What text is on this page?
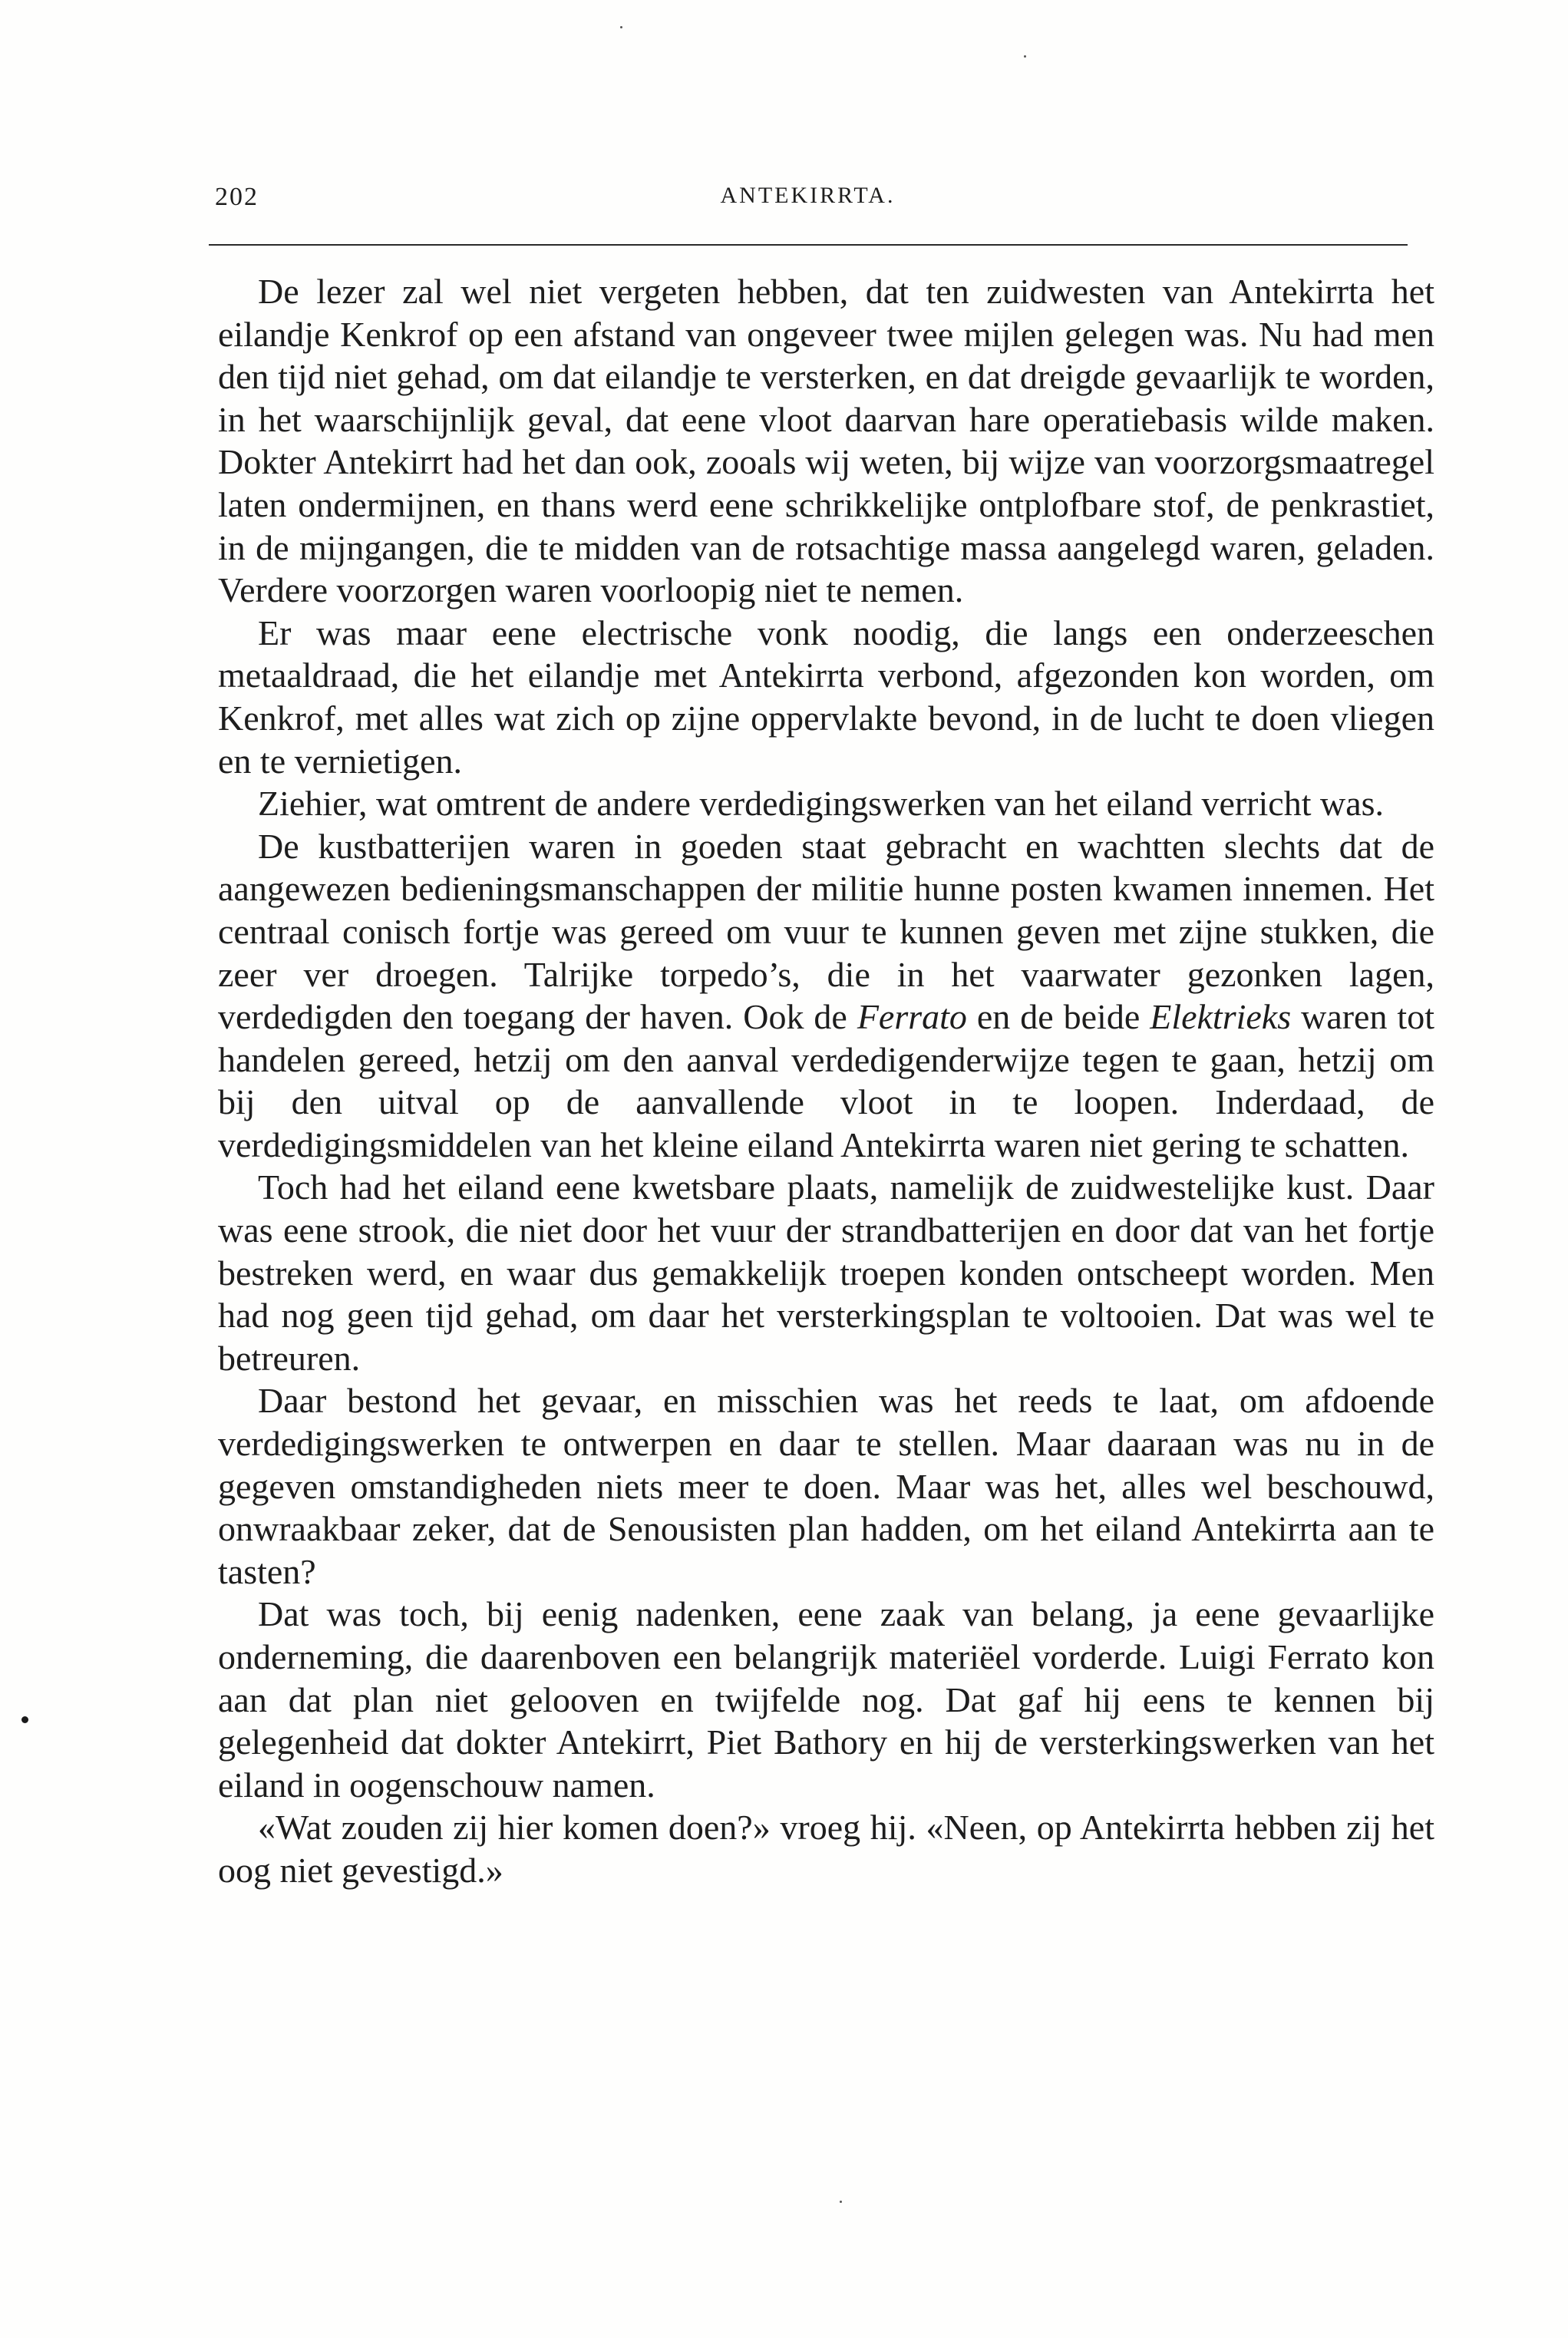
202	ANTEKIRRTA.

De lezer zal wel niet vergeten hebben, dat ten zuidwesten van Antekirrta het eilandje Kenkrof op een afstand van ongeveer twee mijlen gelegen was. Nu had men den tijd niet gehad, om dat eilandje te versterken, en dat dreigde gevaarlijk te worden, in het waarschijnlijk geval, dat eene vloot daarvan hare operatiebasis wilde maken. Dokter Antekirrt had het dan ook, zooals wij weten, bij wijze van voorzorgsmaatregel laten ondermijnen, en thans werd eene schrikkelijke ontplofbare stof, de penkrastiet, in de mijngangen, die te midden van de rotsachtige massa aangelegd waren, geladen. Verdere voorzorgen waren voorloopig niet te nemen.

Er was maar eene electrische vonk noodig, die langs een onderzeeschen metaaldraad, die het eilandje met Antekirrta verbond, afgezonden kon worden, om Kenkrof, met alles wat zich op zijne oppervlakte bevond, in de lucht te doen vliegen en te vernietigen.

Ziehier, wat omtrent de andere verdedigingswerken van het eiland verricht was.

De kustbatterijen waren in goeden staat gebracht en wachtten slechts dat de aangewezen bedieningsmanschappen der militie hunne posten kwamen innemen. Het centraal conisch fortje was gereed om vuur te kunnen geven met zijne stukken, die zeer ver droegen. Talrijke torpedo’s, die in het vaarwater gezonken lagen, verdedigden den toegang der haven. Ook de Ferrato en de beide Elektrieks waren tot handelen gereed, hetzij om den aanval verdedigenderwijze tegen te gaan, hetzij om bij den uitval op de aanvallende vloot in te loopen. Inderdaad, de verdedigingsmiddelen van het kleine eiland Antekirrta waren niet gering te schatten.

Toch had het eiland eene kwetsbare plaats, namelijk de zuidwestelijke kust. Daar was eene strook, die niet door het vuur der strandbatterijen en door dat van het fortje bestreken werd, en waar dus gemakkelijk troepen konden ontscheept worden. Men had nog geen tijd gehad, om daar het versterkingsplan te voltooien. Dat was wel te betreuren.

Daar bestond het gevaar, en misschien was het reeds te laat, om afdoende verdedigingswerken te ontwerpen en daar te stellen. Maar daaraan was nu in de gegeven omstandigheden niets meer te doen. Maar was het, alles wel beschouwd, onwraakbaar zeker, dat de Senousisten plan hadden, om het eiland Antekirrta aan te tasten?

Dat was toch, bij eenig nadenken, eene zaak van belang, ja eene gevaarlijke onderneming, die daarenboven een belangrijk materiëel vorderde. Luigi Ferrato kon aan dat plan niet gelooven en twijfelde nog. Dat gaf hij eens te kennen bij gelegenheid dat dokter Antekirrt, Piet Bathory en hij de versterkingswerken van het eiland in oogenschouw namen.

«Wat zouden zij hier komen doen?» vroeg hij. «Neen, op Antekirrta hebben zij het oog niet gevestigd.»
